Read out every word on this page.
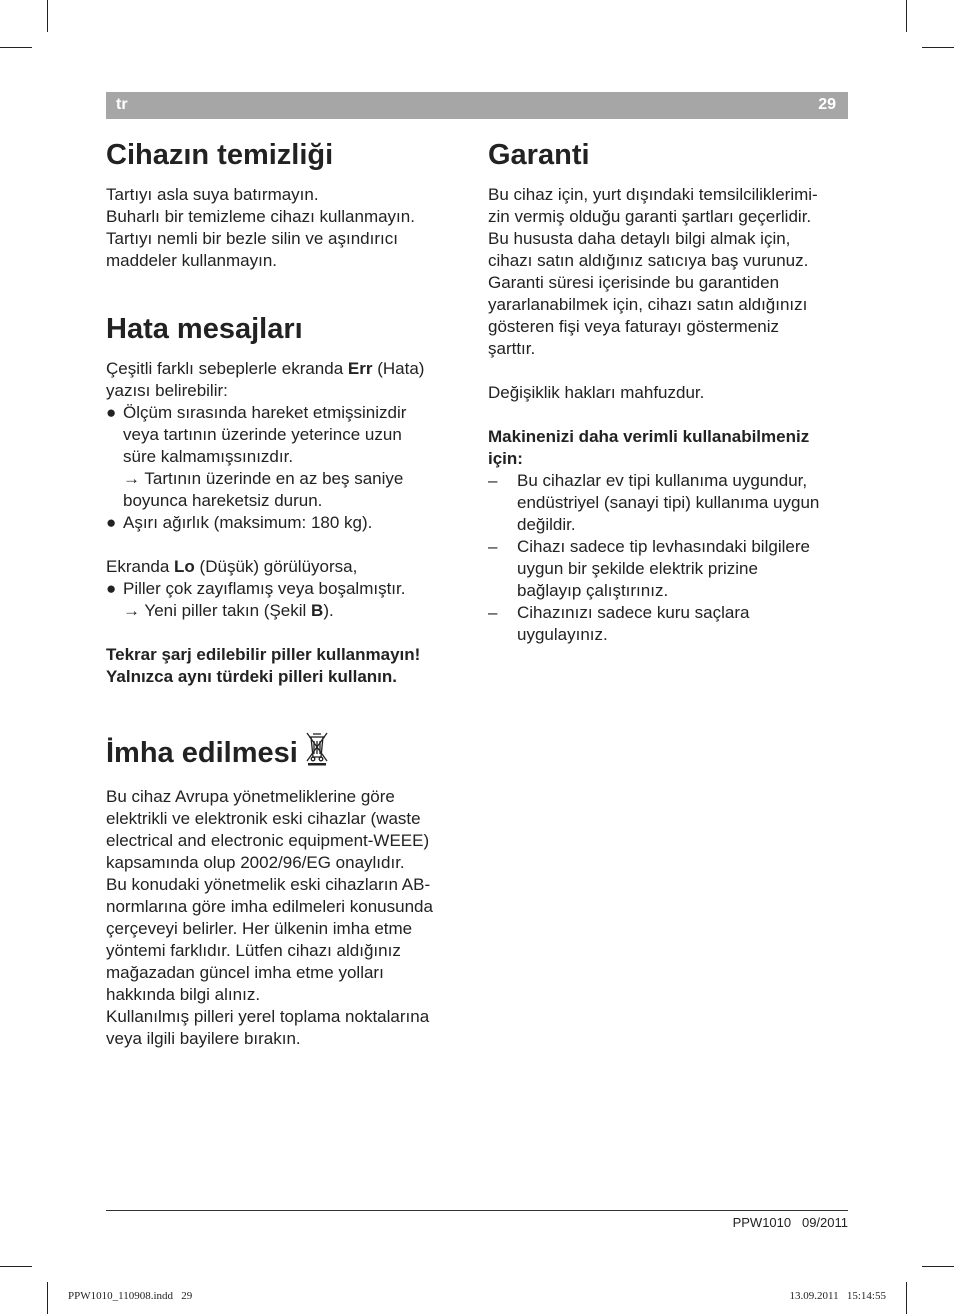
tr	29
Cihazın temizliği

Tartıyı asla suya batırmayın.

Buharlı bir temizleme cihazı kullanmayın.

Tartıyı nemli bir bezle silin ve aşındırıcı

maddeler kullanmayın.

Hata mesajları

Çeşitli farklı sebeplerle ekranda Err (Hata)

yazısı belirebilir:

● Ölçüm sırasında hareket etmişsinizdir

veya tartının üzerinde yeterince uzun

süre kalmamışsınızdır.

→ Tartının üzerinde en az beş saniye

boyunca hareketsiz durun.

● Aşırı ağırlık (maksimum: 180 kg).

Ekranda Lo (Düşük) görülüyorsa,

● Piller çok zayıflamış veya boşalmıştır.

→ Yeni piller takın (Şekil B).

Tekrar şarj edilebilir piller kullanmayın!

Yalnızca aynı türdeki pilleri kullanın.

İmha edilmesi

Bu cihaz Avrupa yönetmeliklerine göre

elektrikli ve elektronik eski cihazlar (waste

electrical and electronic equipment-WEEE)

kapsamında olup 2002/96/EG onaylıdır.

Bu konudaki yönetmelik eski cihazların AB-

normlarına göre imha edilmeleri konusunda

çerçeveyi belirler. Her ülkenin imha etme

yöntemi farklıdır. Lütfen cihazı aldığınız

mağazadan güncel imha etme yolları

hakkında bilgi alınız.

Kullanılmış pilleri yerel toplama noktalarına

veya ilgili bayilere bırakın.

Garanti

Bu cihaz için, yurt dışındaki temsilciliklerimi-

zin vermiş olduğu garanti şartları geçerlidir.

Bu hususta daha detaylı bilgi almak için,

cihazı satın aldığınız satıcıya baş vurunuz.

Garanti süresi içerisinde bu garantiden

yararlanabilmek için, cihazı satın aldığınızı

gösteren fişi veya faturayı göstermeniz

şarttır.

Değişiklik hakları mahfuzdur.

Makinenizi daha verimli kullanabilmeniz

için:

– Bu cihazlar ev tipi kullanıma uygundur,

endüstriyel (sanayi tipi) kullanıma uygun

değildir.

– Cihazı sadece tip levhasındaki bilgilere

uygun bir şekilde elektrik prizine

bağlayıp çalıştırınız.

– Cihazınızı sadece kuru saçlara

uygulayınız.

PPW1010   09/2011
PPW1010_110908.indd   29	13.09.2011   15:14:55
